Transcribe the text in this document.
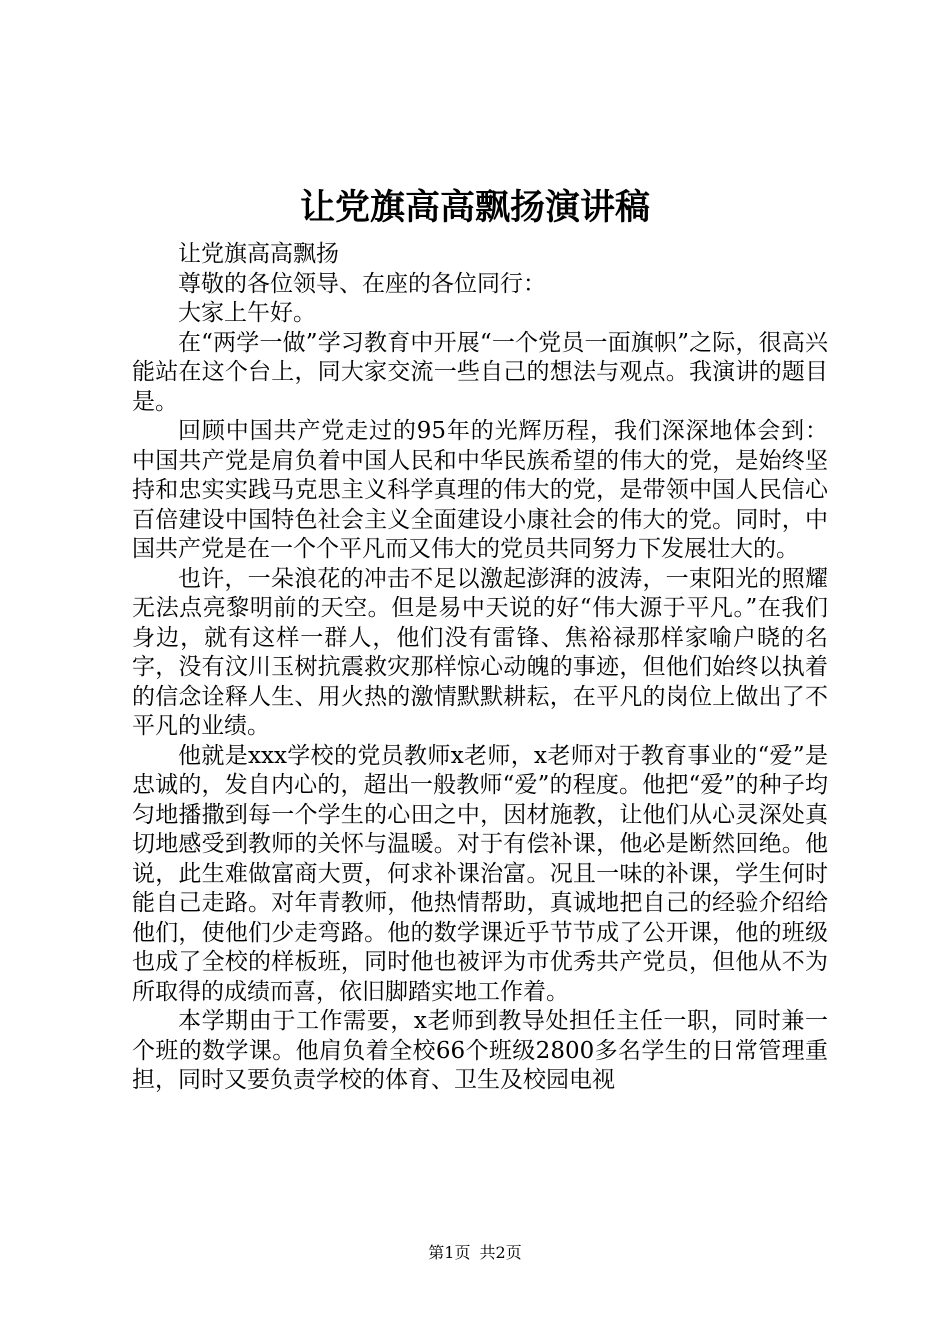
让党旗高高飘扬演讲稿

让党旗高高飘扬

尊敬的各位领导、在座的各位同行：

大家上午好。

在“两学一做”学习教育中开展“一个党员一面旗帜”之际，很高兴能站在这个台上，同大家交流一些自己的想法与观点。我演讲的题目是。

回顾中国共产党走过的95年的光辉历程，我们深深地体会到：中国共产党是肩负着中国人民和中华民族希望的伟大的党，是始终坚持和忠实实践马克思主义科学真理的伟大的党，是带领中国人民信心百倍建设中国特色社会主义全面建设小康社会的伟大的党。同时，中国共产党是在一个个平凡而又伟大的党员共同努力下发展壮大的。

也许，一朵浪花的冲击不足以激起澎湃的波涛，一束阳光的照耀无法点亮黎明前的天空。但是易中天说的好“伟大源于平凡。”在我们身边，就有这样一群人，他们没有雷锋、焦裕禄那样家喻户晓的名字，没有汶川玉树抗震救灾那样惊心动魄的事迹，但他们始终以执着的信念诠释人生、用火热的激情默默耕耘，在平凡的岗位上做出了不平凡的业绩。

他就是xxx学校的党员教师x老师，x老师对于教育事业的“爱”是忠诚的，发自内心的，超出一般教师“爱”的程度。他把“爱”的种子均匀地播撒到每一个学生的心田之中，因材施教，让他们从心灵深处真切地感受到教师的关怀与温暖。对于有偿补课，他必是断然回绝。他说，此生难做富商大贾，何求补课治富。况且一味的补课，学生何时能自己走路。对年青教师，他热情帮助，真诚地把自己的经验介绍给他们，使他们少走弯路。他的数学课近乎节节成了公开课，他的班级也成了全校的样板班，同时他也被评为市优秀共产党员，但他从不为所取得的成绩而喜，依旧脚踏实地工作着。

本学期由于工作需要，x老师到教导处担任主任一职，同时兼一个班的数学课。他肩负着全校66个班级2800多名学生的日常管理重担，同时又要负责学校的体育、卫生及校园电视

第1页 共2页
